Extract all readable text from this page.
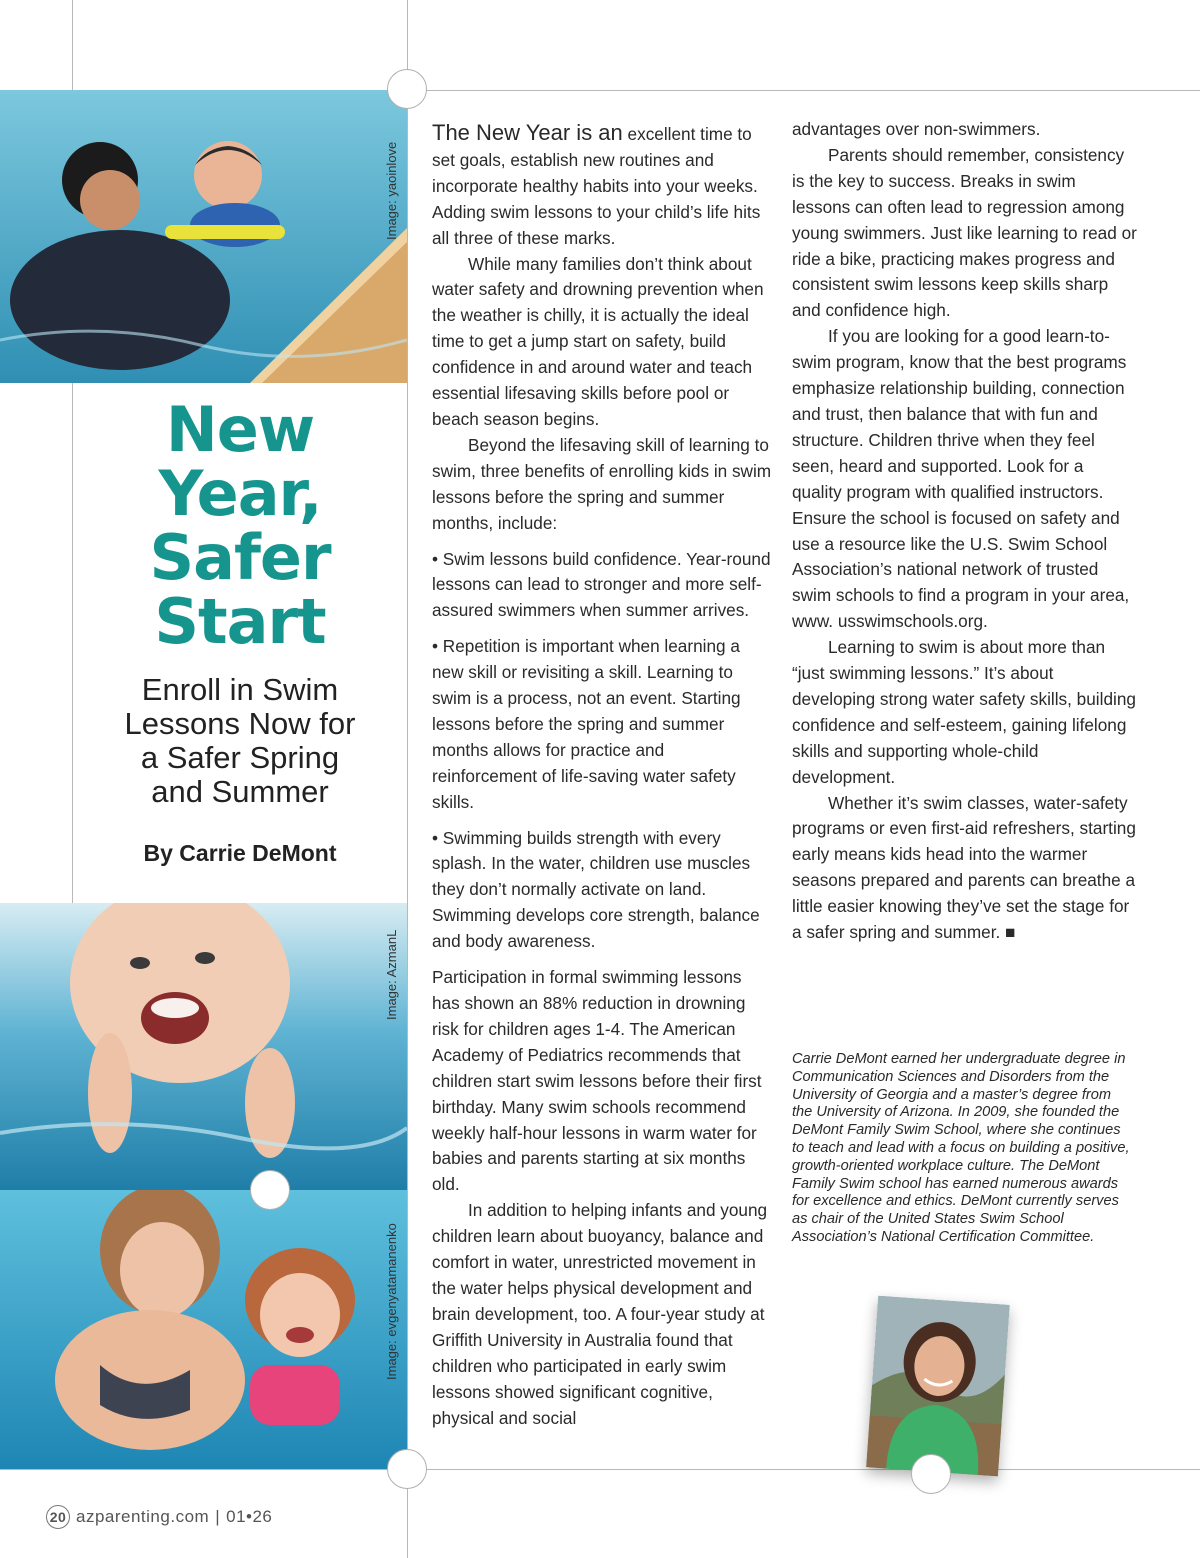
Image: yaoinlove
Image: AzmanL
Image: evgenyatamanenko
New
Year,
Safer
Start
Enroll in Swim
Lessons Now for
a Safer Spring
and Summer
By Carrie DeMont

The New Year is an excellent time to set goals, establish new routines and incorporate healthy habits into your weeks. Adding swim lessons to your child’s life hits all three of these marks.

While many families don’t think about water safety and drowning prevention when the weather is chilly, it is actually the ideal time to get a jump start on safety, build confidence in and around water and teach essential lifesaving skills before pool or beach season begins.

Beyond the lifesaving skill of learning to swim, three benefits of enrolling kids in swim lessons before the spring and summer months, include:

• Swim lessons build confidence. Year-round lessons can lead to stronger and more self-assured swimmers when summer arrives.

• Repetition is important when learning a new skill or revisiting a skill. Learning to swim is a process, not an event. Starting lessons before the spring and summer months allows for practice and reinforcement of life-saving water safety skills.

• Swimming builds strength with every splash. In the water, children use muscles they don’t normally activate on land. Swimming develops core strength, balance and body awareness.

Participation in formal swimming lessons has shown an 88% reduction in drowning risk for children ages 1-4. The American Academy of Pediatrics recommends that children start swim lessons before their first birthday. Many swim schools recommend weekly half-hour lessons in warm water for babies and parents starting at six months old.

In addition to helping infants and young children learn about buoyancy, balance and comfort in water, unrestricted movement in the water helps physical development and brain development, too. A four-year study at Griffith University in Australia found that children who participated in early swim lessons showed significant cognitive, physical and social

advantages over non-swimmers.

Parents should remember, consistency is the key to success. Breaks in swim lessons can often lead to regression among young swimmers. Just like learning to read or ride a bike, practicing makes progress and consistent swim lessons keep skills sharp and confidence high.

If you are looking for a good learn-to-swim program, know that the best programs emphasize relationship building, connection and trust, then balance that with fun and structure. Children thrive when they feel seen, heard and supported. Look for a quality program with qualified instructors. Ensure the school is focused on safety and use a resource like the U.S. Swim School Association’s national network of trusted swim schools to find a program in your area, www. usswimschools.org.

Learning to swim is about more than “just swimming lessons.” It’s about developing strong water safety skills, building confidence and self-esteem, gaining lifelong skills and supporting whole-child development.

Whether it’s swim classes, water-safety programs or even first-aid refreshers, starting early means kids head into the warmer seasons prepared and parents can breathe a little easier knowing they’ve set the stage for a safer spring and summer. ■

Carrie DeMont earned her undergraduate degree in Communication Sciences and Disorders from the University of Georgia and a master’s degree from the University of Arizona. In 2009, she founded the DeMont Family Swim School, where she continues to teach and lead with a focus on building a positive, growth-oriented workplace culture. The DeMont Family Swim school has earned numerous awards for excellence and ethics. DeMont currently serves as chair of the United States Swim School Association’s National Certification Committee.
20 azparenting.com | 01•26
